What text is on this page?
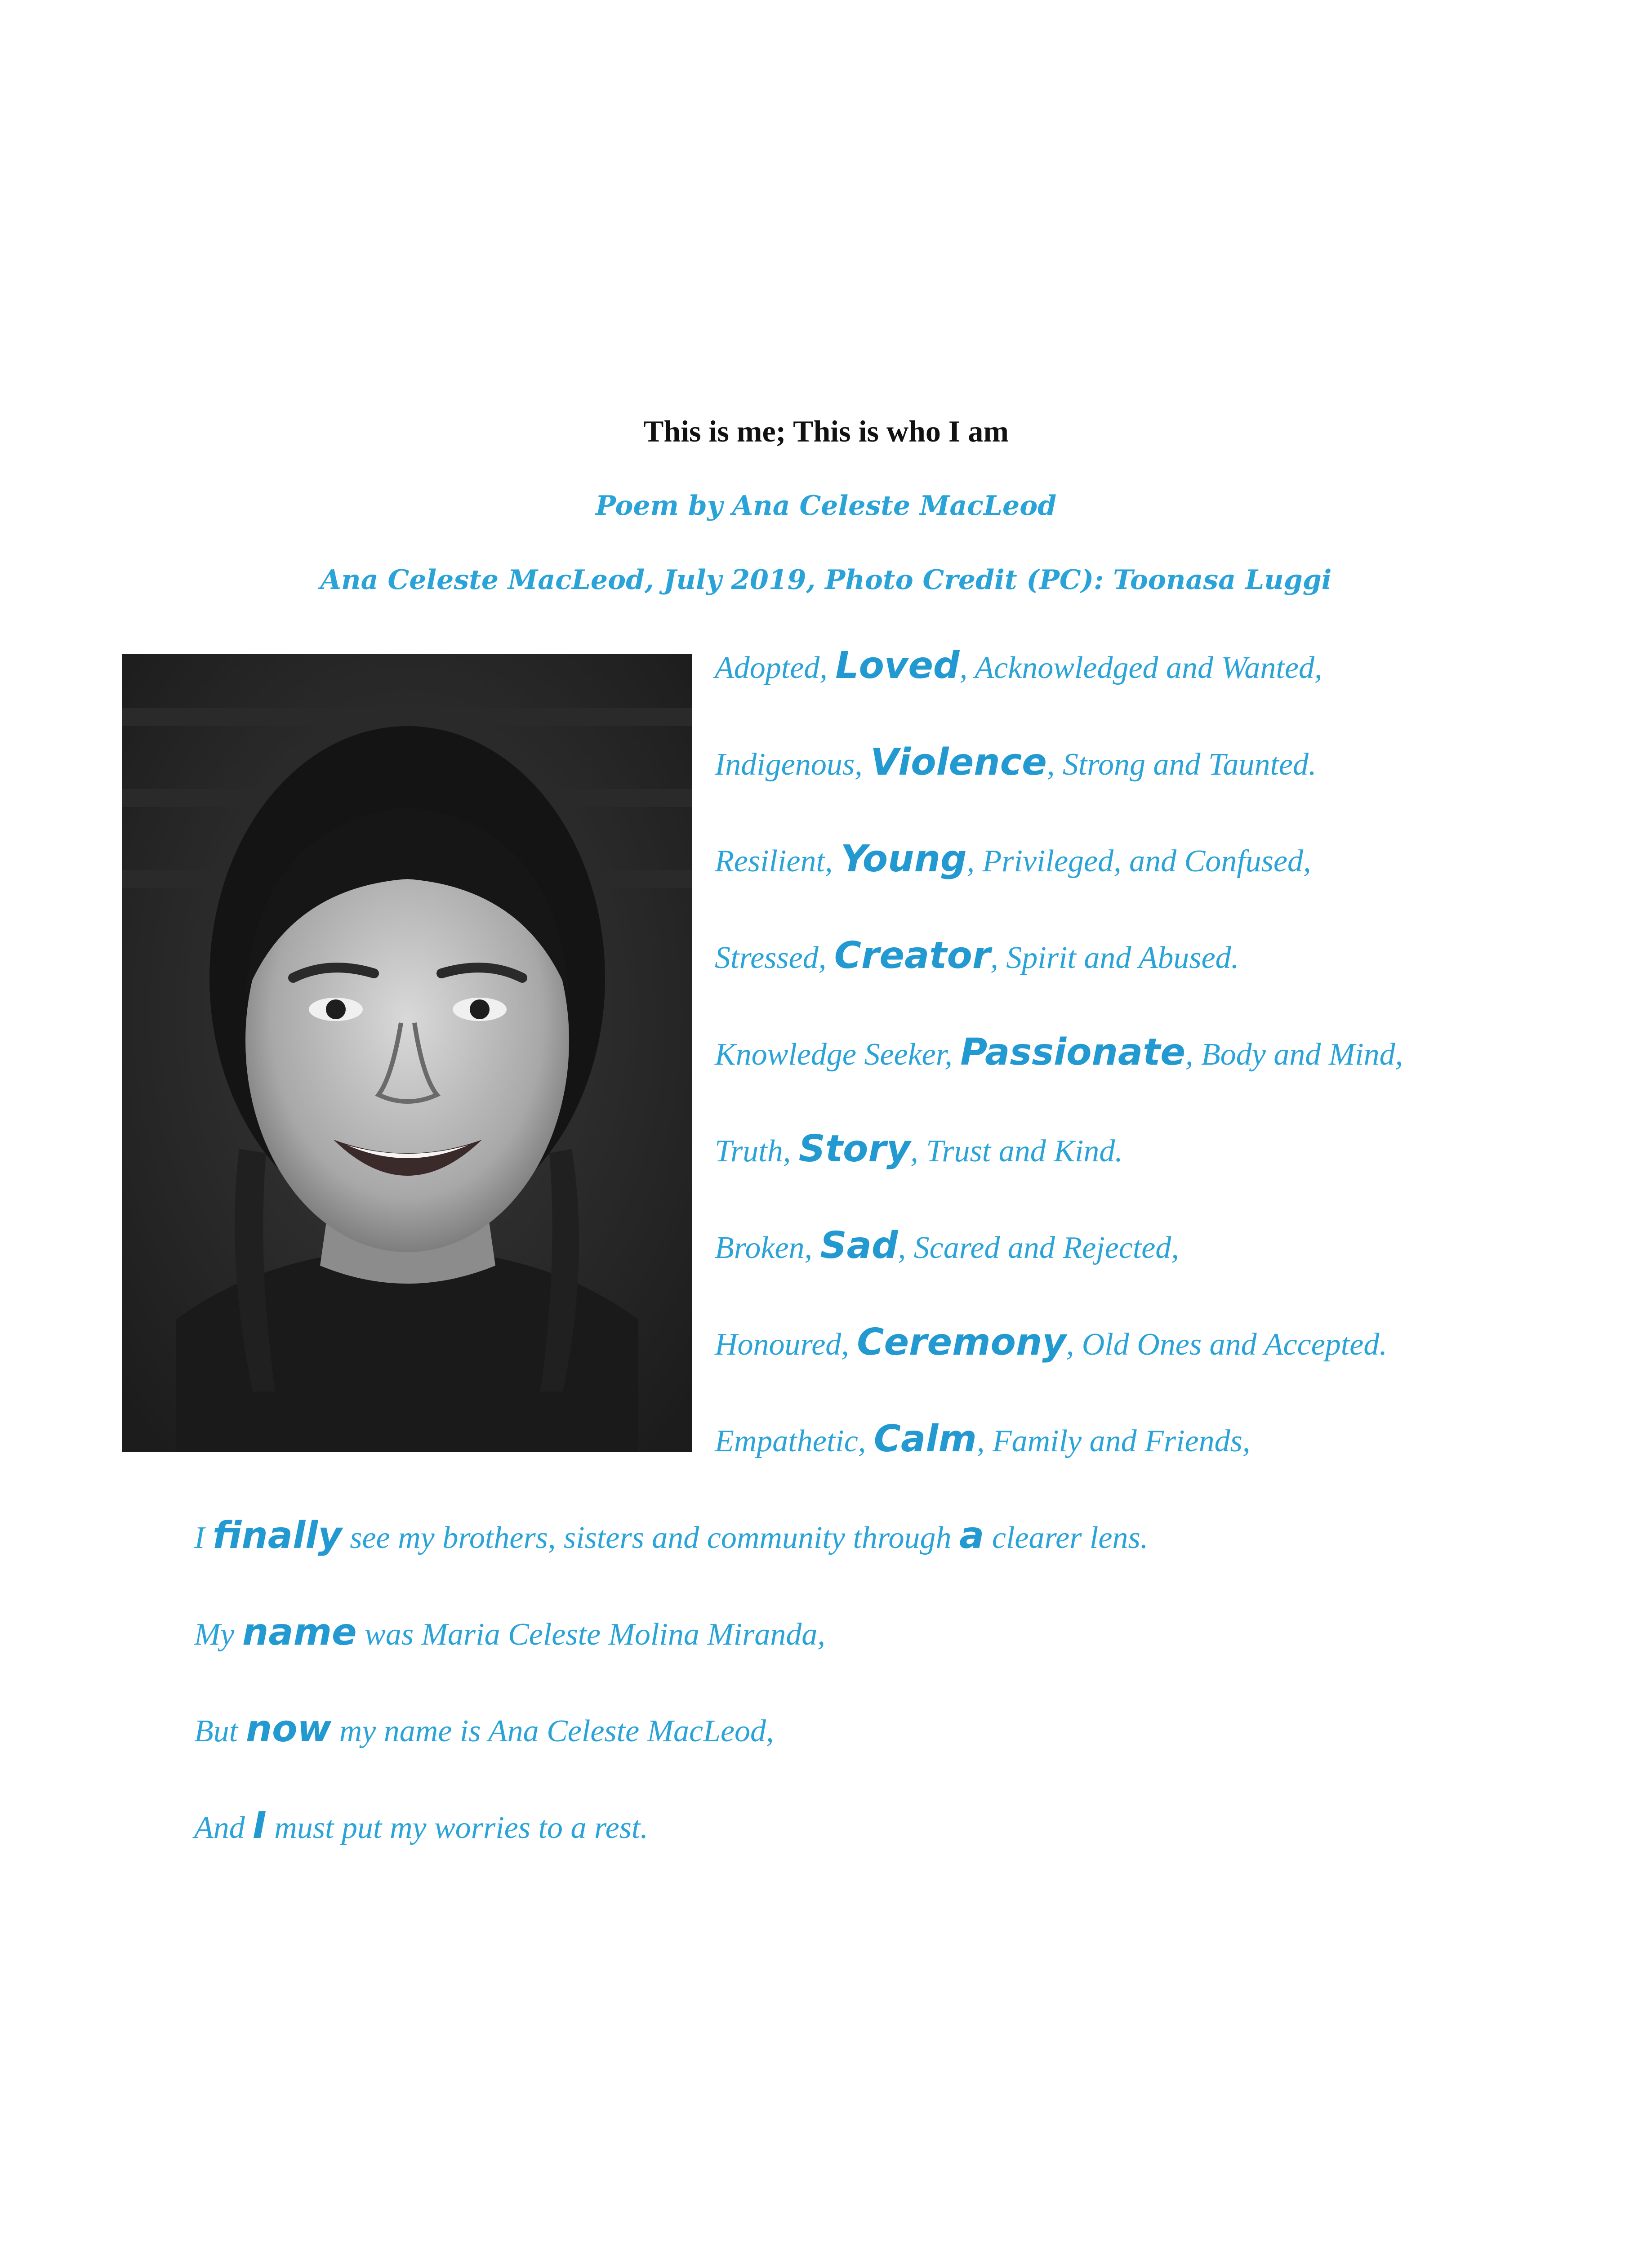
This is me; This is who I am
Poem by Ana Celeste MacLeod
Ana Celeste MacLeod, July 2019, Photo Credit (PC): Toonasa Luggi
Adopted, Loved, Acknowledged and Wanted,
Indigenous, Violence, Strong and Taunted.
Resilient, Young, Privileged, and Confused,
Stressed, Creator, Spirit and Abused.
Knowledge Seeker, Passionate, Body and Mind,
Truth, Story, Trust and Kind.
Broken, Sad, Scared and Rejected,
Honoured, Ceremony, Old Ones and Accepted.
Empathetic, Calm, Family and Friends,
I finally see my brothers, sisters and community through a clearer lens.
My name was Maria Celeste Molina Miranda,
But now my name is Ana Celeste MacLeod,
And I must put my worries to a rest.
